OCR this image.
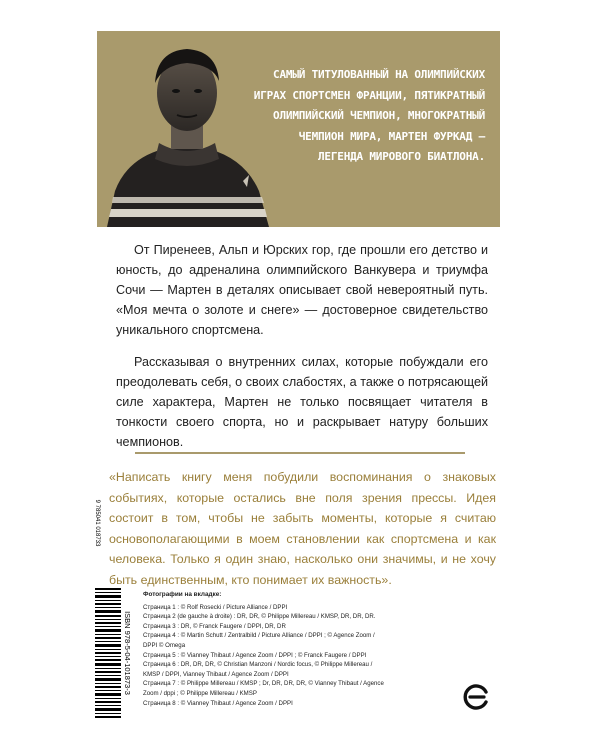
САМЫЙ ТИТУЛОВАННЫЙ НА ОЛИМПИЙСКИХ
ИГРАХ СПОРТСМЕН ФРАНЦИИ, ПЯТИКРАТНЫЙ
ОЛИМПИЙСКИЙ ЧЕМПИОН, МНОГОКРАТНЫЙ
ЧЕМПИОН МИРА, МАРТЕН ФУРКАД –
ЛЕГЕНДА МИРОВОГО БИАТЛОНА.

От Пиренеев, Альп и Юрских гор, где прошли его детство и юность, до адреналина олимпийского Ванкувера и триумфа Сочи — Мартен в деталях описывает свой невероятный путь. «Моя мечта о золоте и снеге» — достоверное свидетельство уникального спортсмена.

Рассказывая о внутренних силах, которые побуждали его преодолевать себя, о своих слабостях, а также о потрясающей силе характера, Мартен не только посвящает читателя в тонкости своего спорта, но и раскрывает натуру больших чемпионов.

«Написать книгу меня побудили воспоминания о знаковых событиях, которые остались вне поля зрения прессы. Идея состоит в том, чтобы не забыть моменты, которые я считаю основополагающими в моем становлении как спортсмена и как человека. Только я один знаю, насколько они значимы, и не хочу быть единственным, кто понимает их важность».
9 785041 018733
ISBN 978-5-04-101873-3
Фотографии на вкладке:
Страница 1 : © Rolf Rosecki / Picture Alliance / DPPI
Страница 2 (de gauche à droite) : DR, DR, © Philippe Millereau / KMSP, DR, DR, DR.
Страница 3 : DR, © Franck Faugere / DPPI, DR, DR
Страница 4 : © Martin Schutt / Zentralbild / Picture Alliance / DPPI ; © Agence Zoom /
DPPI © Omega
Страница 5 : © Vianney Thibaut / Agence Zoom / DPPI ; © Franck Faugere / DPPI
Страница 6 : DR, DR, DR, © Christian Manzoni / Nordic focus, © Philippe Millereau /
KMSP / DPPI, Vianney Thibaut / Agence Zoom / DPPI
Страница 7 : © Philippe Millereau / KMSP ; Dr, DR, DR, DR, © Vianney Thibaut / Agence
Zoom / dppi ; © Philippe Millereau / KMSP
Страница 8 : © Vianney Thibaut / Agence Zoom / DPPI
